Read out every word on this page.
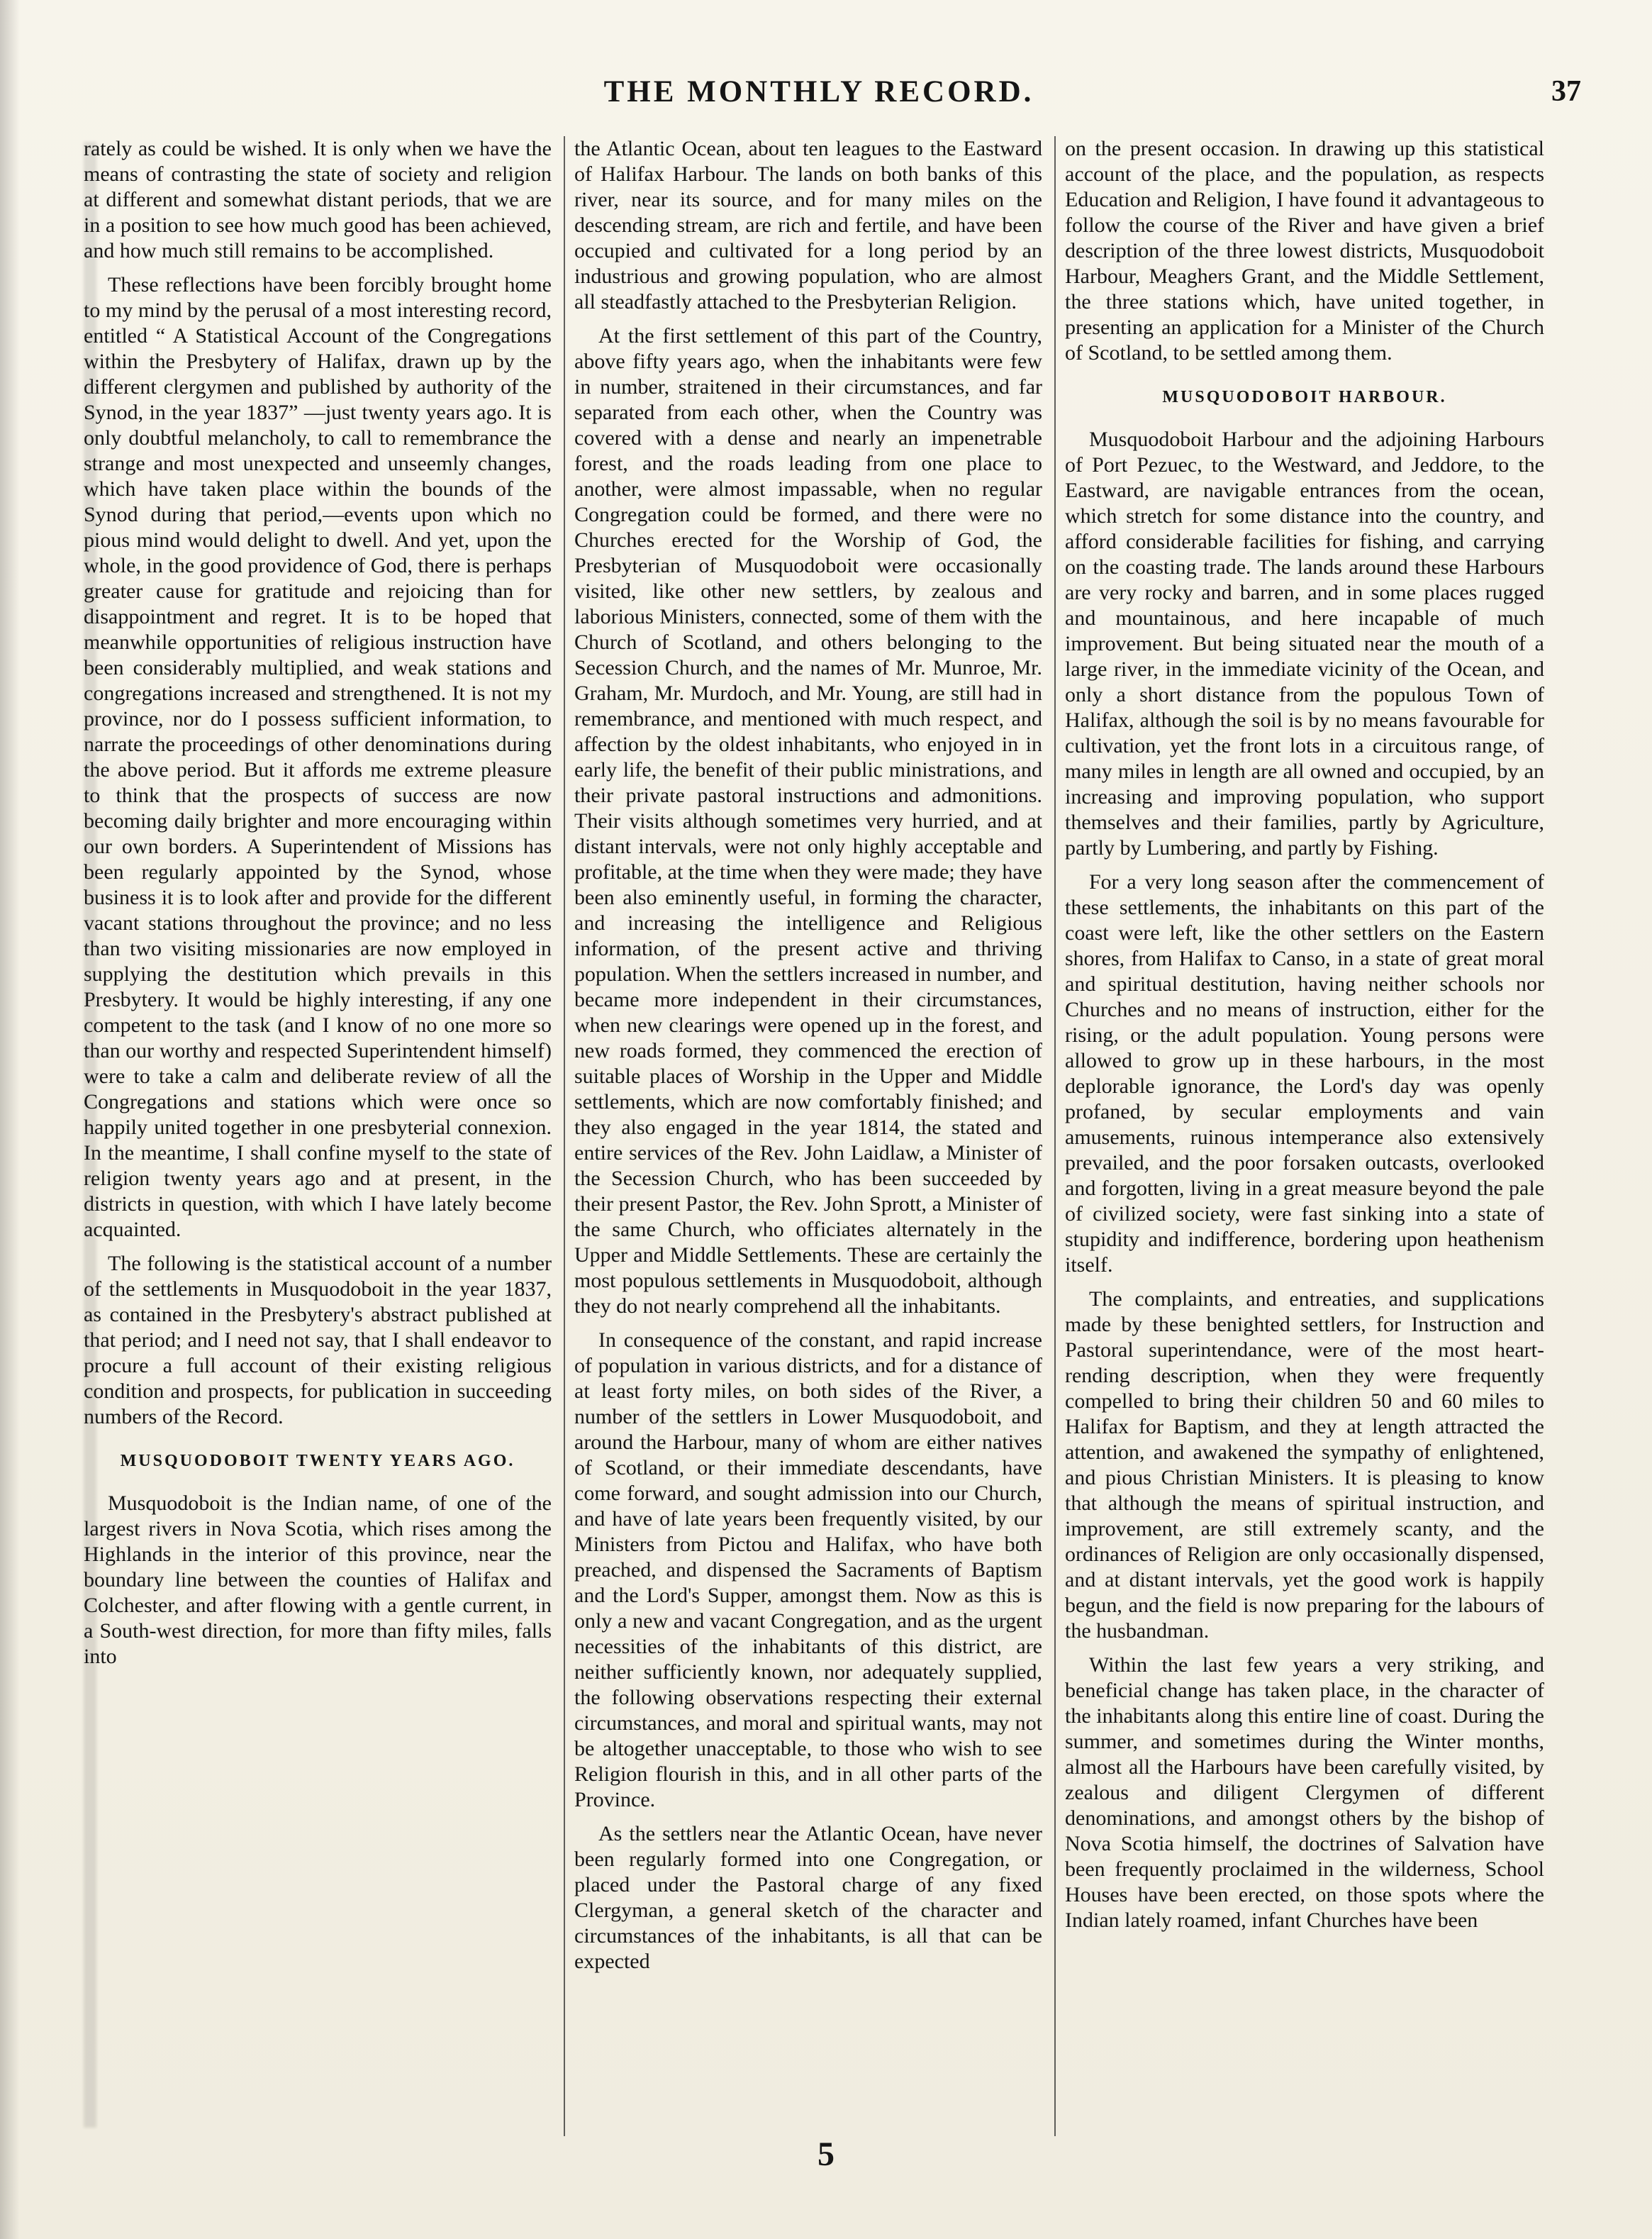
THE MONTHLY RECORD.	37

rately as could be wished. It is only when we have the means of contrasting the state of society and religion at different and somewhat distant periods, that we are in a position to see how much good has been achieved, and how much still remains to be accomplished.

These reflections have been forcibly brought home to my mind by the perusal of a most interesting record, entitled “ A Statistical Account of the Congregations within the Presbytery of Halifax, drawn up by the different clergymen and published by authority of the Synod, in the year 1837” —just twenty years ago. It is only doubtful melancholy, to call to remembrance the strange and most unexpected and unseemly changes, which have taken place within the bounds of the Synod during that period,—events upon which no pious mind would delight to dwell. And yet, upon the whole, in the good providence of God, there is perhaps greater cause for gratitude and rejoicing than for disappointment and regret. It is to be hoped that meanwhile opportunities of religious instruction have been considerably multiplied, and weak stations and congregations increased and strengthened. It is not my province, nor do I possess sufficient information, to narrate the proceedings of other denominations during the above period. But it affords me extreme pleasure to think that the prospects of success are now becoming daily brighter and more encouraging within our own borders. A Superintendent of Missions has been regularly appointed by the Synod, whose business it is to look after and provide for the different vacant stations throughout the province; and no less than two visiting missionaries are now employed in supplying the destitution which prevails in this Presbytery. It would be highly interesting, if any one competent to the task (and I know of no one more so than our worthy and respected Superintendent himself) were to take a calm and deliberate review of all the Congregations and stations which were once so happily united together in one presbyterial connexion. In the meantime, I shall confine myself to the state of religion twenty years ago and at present, in the districts in question, with which I have lately become acquainted.

The following is the statistical account of a number of the settlements in Musquodoboit in the year 1837, as contained in the Presbytery's abstract published at that period; and I need not say, that I shall endeavor to procure a full account of their existing religious condition and prospects, for publication in succeeding numbers of the Record.

MUSQUODOBOIT TWENTY YEARS AGO.

Musquodoboit is the Indian name, of one of the largest rivers in Nova Scotia, which rises among the Highlands in the interior of this province, near the boundary line between the counties of Halifax and Colchester, and after flowing with a gentle current, in a South-west direction, for more than fifty miles, falls into

the Atlantic Ocean, about ten leagues to the Eastward of Halifax Harbour. The lands on both banks of this river, near its source, and for many miles on the descending stream, are rich and fertile, and have been occupied and cultivated for a long period by an industrious and growing population, who are almost all steadfastly attached to the Presbyterian Religion.

At the first settlement of this part of the Country, above fifty years ago, when the inhabitants were few in number, straitened in their circumstances, and far separated from each other, when the Country was covered with a dense and nearly an impenetrable forest, and the roads leading from one place to another, were almost impassable, when no regular Congregation could be formed, and there were no Churches erected for the Worship of God, the Presbyterian of Musquodoboit were occasionally visited, like other new settlers, by zealous and laborious Ministers, connected, some of them with the Church of Scotland, and others belonging to the Secession Church, and the names of Mr. Munroe, Mr. Graham, Mr. Murdoch, and Mr. Young, are still had in remembrance, and mentioned with much respect, and affection by the oldest inhabitants, who enjoyed in in early life, the benefit of their public ministrations, and their private pastoral instructions and admonitions. Their visits although sometimes very hurried, and at distant intervals, were not only highly acceptable and profitable, at the time when they were made; they have been also eminently useful, in forming the character, and increasing the intelligence and Religious information, of the present active and thriving population. When the settlers increased in number, and became more independent in their circumstances, when new clearings were opened up in the forest, and new roads formed, they commenced the erection of suitable places of Worship in the Upper and Middle settlements, which are now comfortably finished; and they also engaged in the year 1814, the stated and entire services of the Rev. John Laidlaw, a Minister of the Secession Church, who has been succeeded by their present Pastor, the Rev. John Sprott, a Minister of the same Church, who officiates alternately in the Upper and Middle Settlements. These are certainly the most populous settlements in Musquodoboit, although they do not nearly comprehend all the inhabitants.

In consequence of the constant, and rapid increase of population in various districts, and for a distance of at least forty miles, on both sides of the River, a number of the settlers in Lower Musquodoboit, and around the Harbour, many of whom are either natives of Scotland, or their immediate descendants, have come forward, and sought admission into our Church, and have of late years been frequently visited, by our Ministers from Pictou and Halifax, who have both preached, and dispensed the Sacraments of Baptism and the Lord's Supper, amongst them. Now as this is only a new and vacant Congregation, and as the urgent necessities of the inhabitants of this district, are neither sufficiently known, nor adequately supplied, the following observations respecting their external circumstances, and moral and spiritual wants, may not be altogether unacceptable, to those who wish to see Religion flourish in this, and in all other parts of the Province.

As the settlers near the Atlantic Ocean, have never been regularly formed into one Congregation, or placed under the Pastoral charge of any fixed Clergyman, a general sketch of the character and circumstances of the inhabitants, is all that can be expected

on the present occasion. In drawing up this statistical account of the place, and the population, as respects Education and Religion, I have found it advantageous to follow the course of the River and have given a brief description of the three lowest districts, Musquodoboit Harbour, Meaghers Grant, and the Middle Settlement, the three stations which, have united together, in presenting an application for a Minister of the Church of Scotland, to be settled among them.

MUSQUODOBOIT HARBOUR.

Musquodoboit Harbour and the adjoining Harbours of Port Pezuec, to the Westward, and Jeddore, to the Eastward, are navigable entrances from the ocean, which stretch for some distance into the country, and afford considerable facilities for fishing, and carrying on the coasting trade. The lands around these Harbours are very rocky and barren, and in some places rugged and mountainous, and here incapable of much improvement. But being situated near the mouth of a large river, in the immediate vicinity of the Ocean, and only a short distance from the populous Town of Halifax, although the soil is by no means favourable for cultivation, yet the front lots in a circuitous range, of many miles in length are all owned and occupied, by an increasing and improving population, who support themselves and their families, partly by Agriculture, partly by Lumbering, and partly by Fishing.

For a very long season after the commencement of these settlements, the inhabitants on this part of the coast were left, like the other settlers on the Eastern shores, from Halifax to Canso, in a state of great moral and spiritual destitution, having neither schools nor Churches and no means of instruction, either for the rising, or the adult population. Young persons were allowed to grow up in these harbours, in the most deplorable ignorance, the Lord's day was openly profaned, by secular employments and vain amusements, ruinous intemperance also extensively prevailed, and the poor forsaken outcasts, overlooked and forgotten, living in a great measure beyond the pale of civilized society, were fast sinking into a state of stupidity and indifference, bordering upon heathenism itself.

The complaints, and entreaties, and supplications made by these benighted settlers, for Instruction and Pastoral superintendance, were of the most heart-rending description, when they were frequently compelled to bring their children 50 and 60 miles to Halifax for Baptism, and they at length attracted the attention, and awakened the sympathy of enlightened, and pious Christian Ministers. It is pleasing to know that although the means of spiritual instruction, and improvement, are still extremely scanty, and the ordinances of Religion are only occasionally dispensed, and at distant intervals, yet the good work is happily begun, and the field is now preparing for the labours of the husbandman.

Within the last few years a very striking, and beneficial change has taken place, in the character of the inhabitants along this entire line of coast. During the summer, and sometimes during the Winter months, almost all the Harbours have been carefully visited, by zealous and diligent Clergymen of different denominations, and amongst others by the bishop of Nova Scotia himself, the doctrines of Salvation have been frequently proclaimed in the wilderness, School Houses have been erected, on those spots where the Indian lately roamed, infant Churches have been

5
